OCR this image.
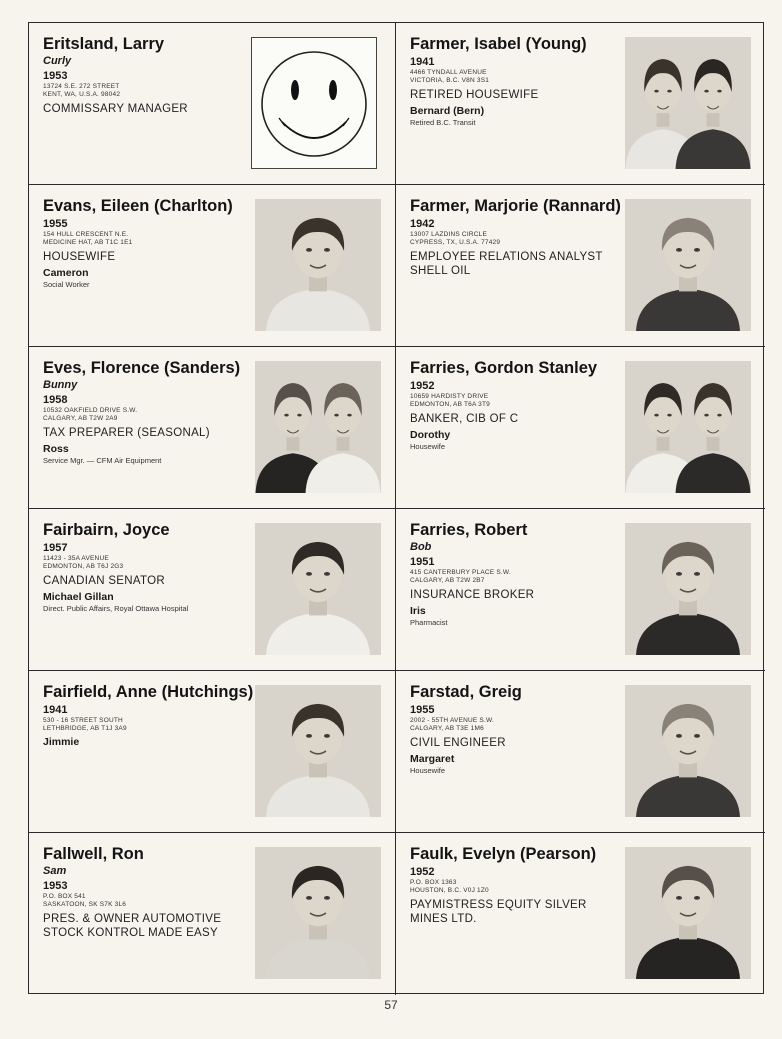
Eritsland, Larry
Curly
1953
13724 S.E. 272 STREET
KENT, WA, U.S.A. 98042
COMMISSARY MANAGER
Farmer, Isabel (Young)
1941
4466 TYNDALL AVENUE
VICTORIA, B.C. V8N 3S1
RETIRED HOUSEWIFE
Bernard (Bern)
Retired B.C. Transit
Evans, Eileen (Charlton)
1955
154 HULL CRESCENT N.E.
MEDICINE HAT, AB T1C 1E1
HOUSEWIFE
Cameron
Social Worker
Farmer, Marjorie (Rannard)
1942
13007 LAZDINS CIRCLE
CYPRESS, TX, U.S.A. 77429
EMPLOYEE RELATIONS ANALYST
SHELL OIL
Eves, Florence (Sanders)
Bunny
1958
10532 OAKFIELD DRIVE S.W.
CALGARY, AB T2W 2A9
TAX PREPARER (SEASONAL)
Ross
Service Mgr. — CFM Air Equipment
Farries, Gordon Stanley
1952
10659 HARDISTY DRIVE
EDMONTON, AB T6A 3T9
BANKER, CIB OF C
Dorothy
Housewife
Fairbairn, Joyce
1957
11423 - 35A AVENUE
EDMONTON, AB T6J 2G3
CANADIAN SENATOR
Michael Gillan
Direct. Public Affairs, Royal Ottawa Hospital
Farries, Robert
Bob
1951
415 CANTERBURY PLACE S.W.
CALGARY, AB T2W 2B7
INSURANCE BROKER
Iris
Pharmacist
Fairfield, Anne (Hutchings)
1941
530 - 16 STREET SOUTH
LETHBRIDGE, AB T1J 3A9
Jimmie
Farstad, Greig
1955
2002 - 55TH AVENUE S.W.
CALGARY, AB T3E 1M6
CIVIL ENGINEER
Margaret
Housewife
Fallwell, Ron
Sam
1953
P.O. BOX 541
SASKATOON, SK S7K 3L6
PRES. & OWNER AUTOMOTIVE
STOCK KONTROL MADE EASY
Faulk, Evelyn (Pearson)
1952
P.O. BOX 1363
HOUSTON, B.C. V0J 1Z0
PAYMISTRESS EQUITY SILVER
MINES LTD.
57
